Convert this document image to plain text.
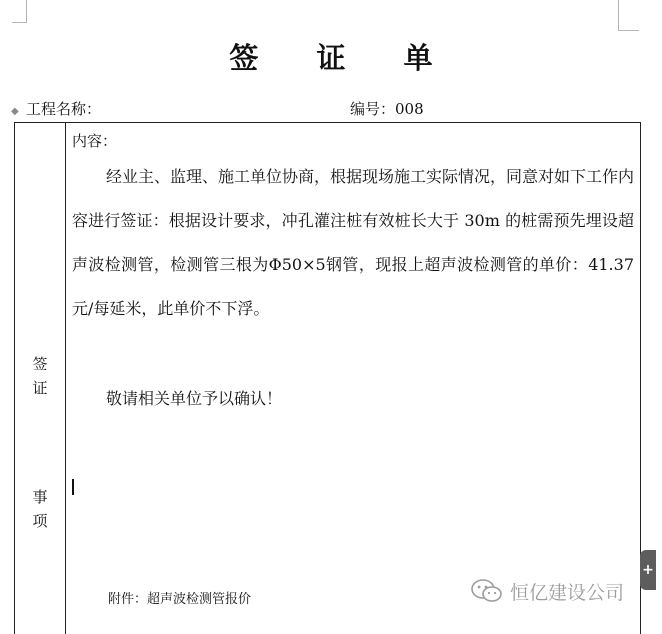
签 证 单
◆ 工程名称：	编号：008
签
证
事
项
内容：
经业主、监理、施工单位协商，根据现场施工实际情况，同意对如下工作内容进行签证：根据设计要求，冲孔灌注桩有效桩长大于 30m 的桩需预先埋设超声波检测管，检测管三根为Φ50×5钢管，现报上超声波检测管的单价：41.37 元/每延米，此单价不下浮。
敬请相关单位予以确认！
附件：超声波检测管报价	恒亿建设公司
+
